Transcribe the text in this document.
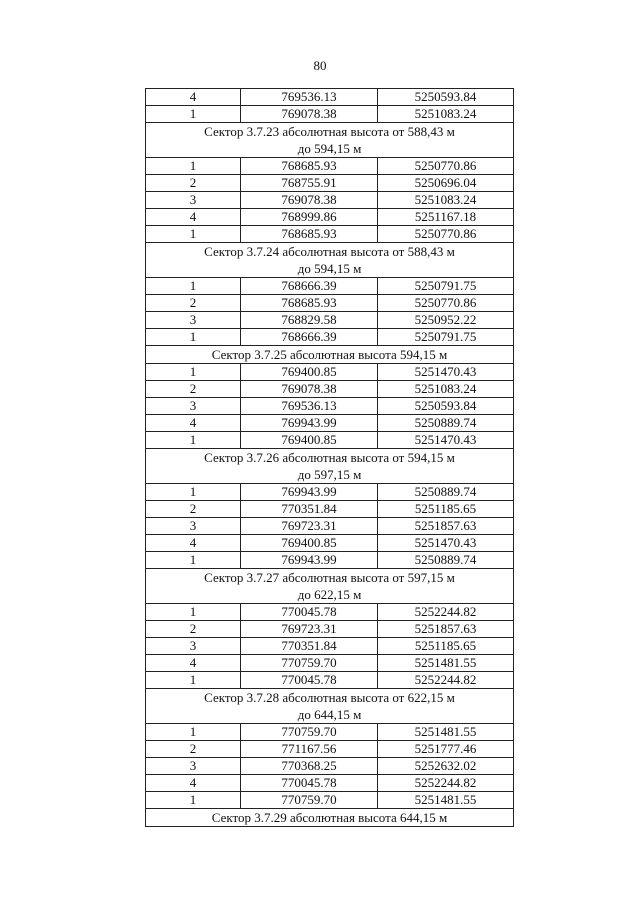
80
4	769536.13	5250593.84
1	769078.38	5251083.24

Сектор 3.7.23 абсолютная высота от 588,43 м
до 594,15 м		

1	768685.93	5250770.86
2	768755.91	5250696.04
3	769078.38	5251083.24
4	768999.86	5251167.18
1	768685.93	5250770.86

Сектор 3.7.24 абсолютная высота от 588,43 м
до 594,15 м		

1	768666.39	5250791.75
2	768685.93	5250770.86
3	768829.58	5250952.22
1	768666.39	5250791.75

Сектор 3.7.25 абсолютная высота 594,15 м		

1	769400.85	5251470.43
2	769078.38	5251083.24
3	769536.13	5250593.84
4	769943.99	5250889.74
1	769400.85	5251470.43

Сектор 3.7.26 абсолютная высота от 594,15 м
до 597,15 м		

1	769943.99	5250889.74
2	770351.84	5251185.65
3	769723.31	5251857.63
4	769400.85	5251470.43
1	769943.99	5250889.74

Сектор 3.7.27 абсолютная высота от 597,15 м
до 622,15 м		

1	770045.78	5252244.82
2	769723.31	5251857.63
3	770351.84	5251185.65
4	770759.70	5251481.55
1	770045.78	5252244.82

Сектор 3.7.28 абсолютная высота от 622,15 м
до 644,15 м		

1	770759.70	5251481.55
2	771167.56	5251777.46
3	770368.25	5252632.02
4	770045.78	5252244.82
1	770759.70	5251481.55

Сектор 3.7.29 абсолютная высота 644,15 м		
